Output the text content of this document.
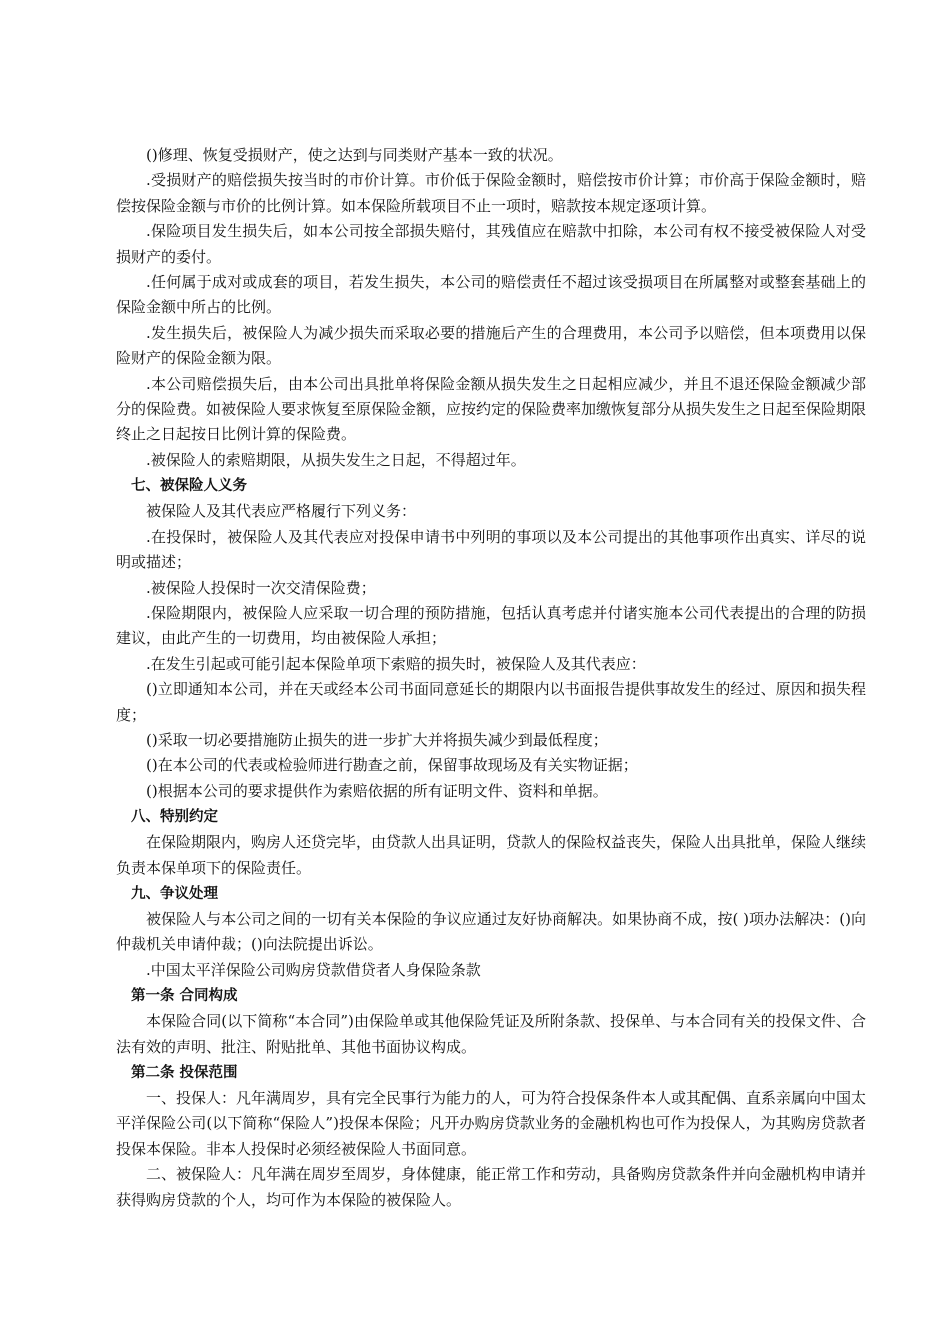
()修理、恢复受损财产，使之达到与同类财产基本一致的状况。

.受损财产的赔偿损失按当时的市价计算。市价低于保险金额时，赔偿按市价计算；市价高于保险金额时，赔偿按保险金额与市价的比例计算。如本保险所载项目不止一项时，赔款按本规定逐项计算。

.保险项目发生损失后，如本公司按全部损失赔付，其残值应在赔款中扣除，本公司有权不接受被保险人对受损财产的委付。

.任何属于成对或成套的项目，若发生损失，本公司的赔偿责任不超过该受损项目在所属整对或整套基础上的保险金额中所占的比例。

.发生损失后，被保险人为减少损失而采取必要的措施后产生的合理费用，本公司予以赔偿，但本项费用以保险财产的保险金额为限。

.本公司赔偿损失后，由本公司出具批单将保险金额从损失发生之日起相应减少，并且不退还保险金额减少部分的保险费。如被保险人要求恢复至原保险金额，应按约定的保险费率加缴恢复部分从损失发生之日起至保险期限终止之日起按日比例计算的保险费。

.被保险人的索赔期限，从损失发生之日起，不得超过年。

七、被保险人义务

被保险人及其代表应严格履行下列义务：

.在投保时，被保险人及其代表应对投保申请书中列明的事项以及本公司提出的其他事项作出真实、详尽的说明或描述；

.被保险人投保时一次交清保险费；

.保险期限内，被保险人应采取一切合理的预防措施，包括认真考虑并付诸实施本公司代表提出的合理的防损建议，由此产生的一切费用，均由被保险人承担；

.在发生引起或可能引起本保险单项下索赔的损失时，被保险人及其代表应：

()立即通知本公司，并在天或经本公司书面同意延长的期限内以书面报告提供事故发生的经过、原因和损失程度；

()采取一切必要措施防止损失的进一步扩大并将损失减少到最低程度；

()在本公司的代表或检验师进行勘查之前，保留事故现场及有关实物证据；

()根据本公司的要求提供作为索赔依据的所有证明文件、资料和单据。

八、特别约定

在保险期限内，购房人还贷完毕，由贷款人出具证明，贷款人的保险权益丧失，保险人出具批单，保险人继续负责本保单项下的保险责任。

九、争议处理

被保险人与本公司之间的一切有关本保险的争议应通过友好协商解决。如果协商不成，按( )项办法解决：()向仲裁机关申请仲裁；()向法院提出诉讼。

.中国太平洋保险公司购房贷款借贷者人身保险条款

第一条 合同构成

本保险合同(以下简称“本合同”)由保险单或其他保险凭证及所附条款、投保单、与本合同有关的投保文件、合法有效的声明、批注、附贴批单、其他书面协议构成。

第二条 投保范围

一、投保人：凡年满周岁，具有完全民事行为能力的人，可为符合投保条件本人或其配偶、直系亲属向中国太平洋保险公司(以下简称“保险人”)投保本保险；凡开办购房贷款业务的金融机构也可作为投保人，为其购房贷款者投保本保险。非本人投保时必须经被保险人书面同意。

二、被保险人：凡年满在周岁至周岁，身体健康，能正常工作和劳动，具备购房贷款条件并向金融机构申请并获得购房贷款的个人，均可作为本保险的被保险人。
